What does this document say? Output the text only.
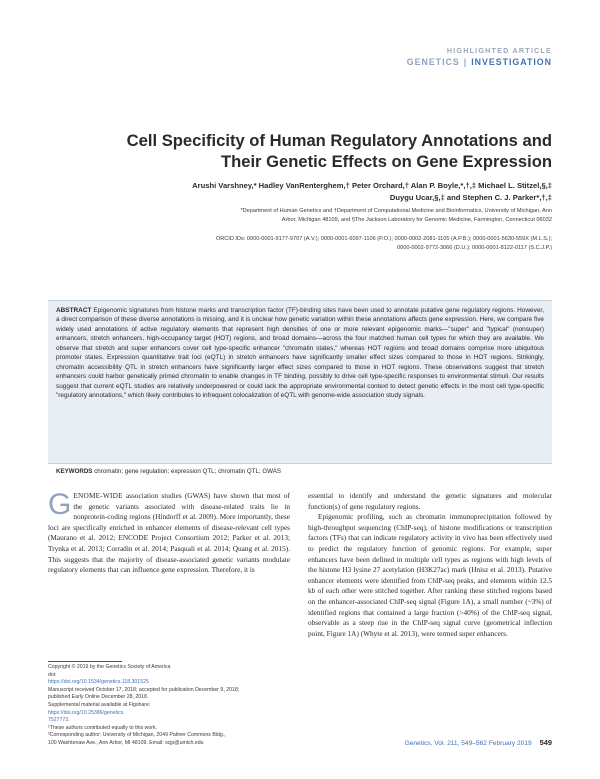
HIGHLIGHTED ARTICLE
GENETICS | INVESTIGATION
Cell Specificity of Human Regulatory Annotations and
Their Genetic Effects on Gene Expression
Arushi Varshney,* Hadley VanRenterghem,† Peter Orchard,† Alan P. Boyle,*,†,‡ Michael L. Stitzel,§,‡
Duygu Ucar,§,‡ and Stephen C. J. Parker*,†,‡
*Department of Human Genetics and †Department of Computational Medicine and Bioinformatics, University of Michigan, Ann
Arbor, Michigan 48109, and §The Jackson Laboratory for Genomic Medicine, Farmington, Connecticut 06032
ORCID IDs: 0000-0001-9177-9707 (A.V.); 0000-0001-6097-1106 (P.O.); 0000-0002-2081-1105 (A.P.B.); 0000-0001-5630-559X (M.L.S.);
0000-0002-9772-3066 (D.U.); 0000-0001-8122-0117 (S.C.J.P.)

ABSTRACT Epigenomic signatures from histone marks and transcription factor (TF)-binding sites have been used to annotate putative gene regulatory regions. However, a direct comparison of these diverse annotations is missing, and it is unclear how genetic variation within these annotations affects gene expression. Here, we compare five widely used annotations of active regulatory elements that represent high densities of one or more relevant epigenomic marks—"super" and "typical" (nonsuper) enhancers, stretch enhancers, high-occupancy target (HOT) regions, and broad domains—across the four matched human cell types for which they are available. We observe that stretch and super enhancers cover cell type-specific enhancer "chromatin states," whereas HOT regions and broad domains comprise more ubiquitous promoter states. Expression quantitative trait loci (eQTL) in stretch enhancers have significantly smaller effect sizes compared to those in HOT regions. Strikingly, chromatin accessibility QTL in stretch enhancers have significantly larger effect sizes compared to those in HOT regions. These observations suggest that stretch enhancers could harbor genetically primed chromatin to enable changes in TF binding, possibly to drive cell type-specific responses to environmental stimuli. Our results suggest that current eQTL studies are relatively underpowered or could lack the appropriate environmental context to detect genetic effects in the most cell type-specific "regulatory annotations," which likely contributes to infrequent colocalization of eQTL with genome-wide association study signals.

KEYWORDS chromatin; gene regulation; expression QTL; chromatin QTL; GWAS

GENOME-WIDE association studies (GWAS) have shown that most of the genetic variants associated with disease-related traits lie in nonprotein-coding regions (Hindorff et al. 2009). More importantly, these loci are specifically enriched in enhancer elements of disease-relevant cell types (Maurano et al. 2012; ENCODE Project Consortium 2012; Parker et al. 2013; Trynka et al. 2013; Corradin et al. 2014; Pasquali et al. 2014; Quang et al. 2015). This suggests that the majority of disease-associated genetic variants modulate regulatory elements that can influence gene expression. Therefore, it is
essential to identify and understand the genetic signatures and molecular function(s) of gene regulatory regions.
Epigenomic profiling, such as chromatin immunoprecipitation followed by high-throughput sequencing (ChIP-seq), of histone modifications or transcription factors (TFs) that can indicate regulatory activity in vivo has been effectively used to predict the regulatory function of genomic regions. For example, super enhancers have been defined in multiple cell types as regions with high levels of the histone H3 lysine 27 acetylation (H3K27ac) mark (Hnisz et al. 2013). Putative enhancer elements were identified from ChIP-seq peaks, and elements within 12.5 kb of each other were stitched together. After ranking these stitched regions based on the enhancer-associated ChIP-seq signal (Figure 1A), a small number (~3%) of identified regions that contained a large fraction (>40%) of the ChIP-seq signal, observable as a steep rise in the ChIP-seq signal curve (geometrical inflection point, Figure 1A) (Whyte et al. 2013), were termed super enhancers.
Copyright © 2019 by the Genetics Society of America
doi:
https://doi.org/10.1534/genetics.118.301525
Manuscript received October 17, 2018; accepted for publication December 9, 2018;
published Early Online December 28, 2018.
Supplemental material available at Figshare:
https://doi.org/10.25386/genetics.
7527773.
¹These authors contributed equally to this work.
²Corresponding author: University of Michigan, 2049 Palmer Commons Bldg.,
100 Washtenaw Ave., Ann Arbor, MI 48109. Email: scjp@umich.edu	Genetics, Vol. 211, 549–562 February 2019 549
